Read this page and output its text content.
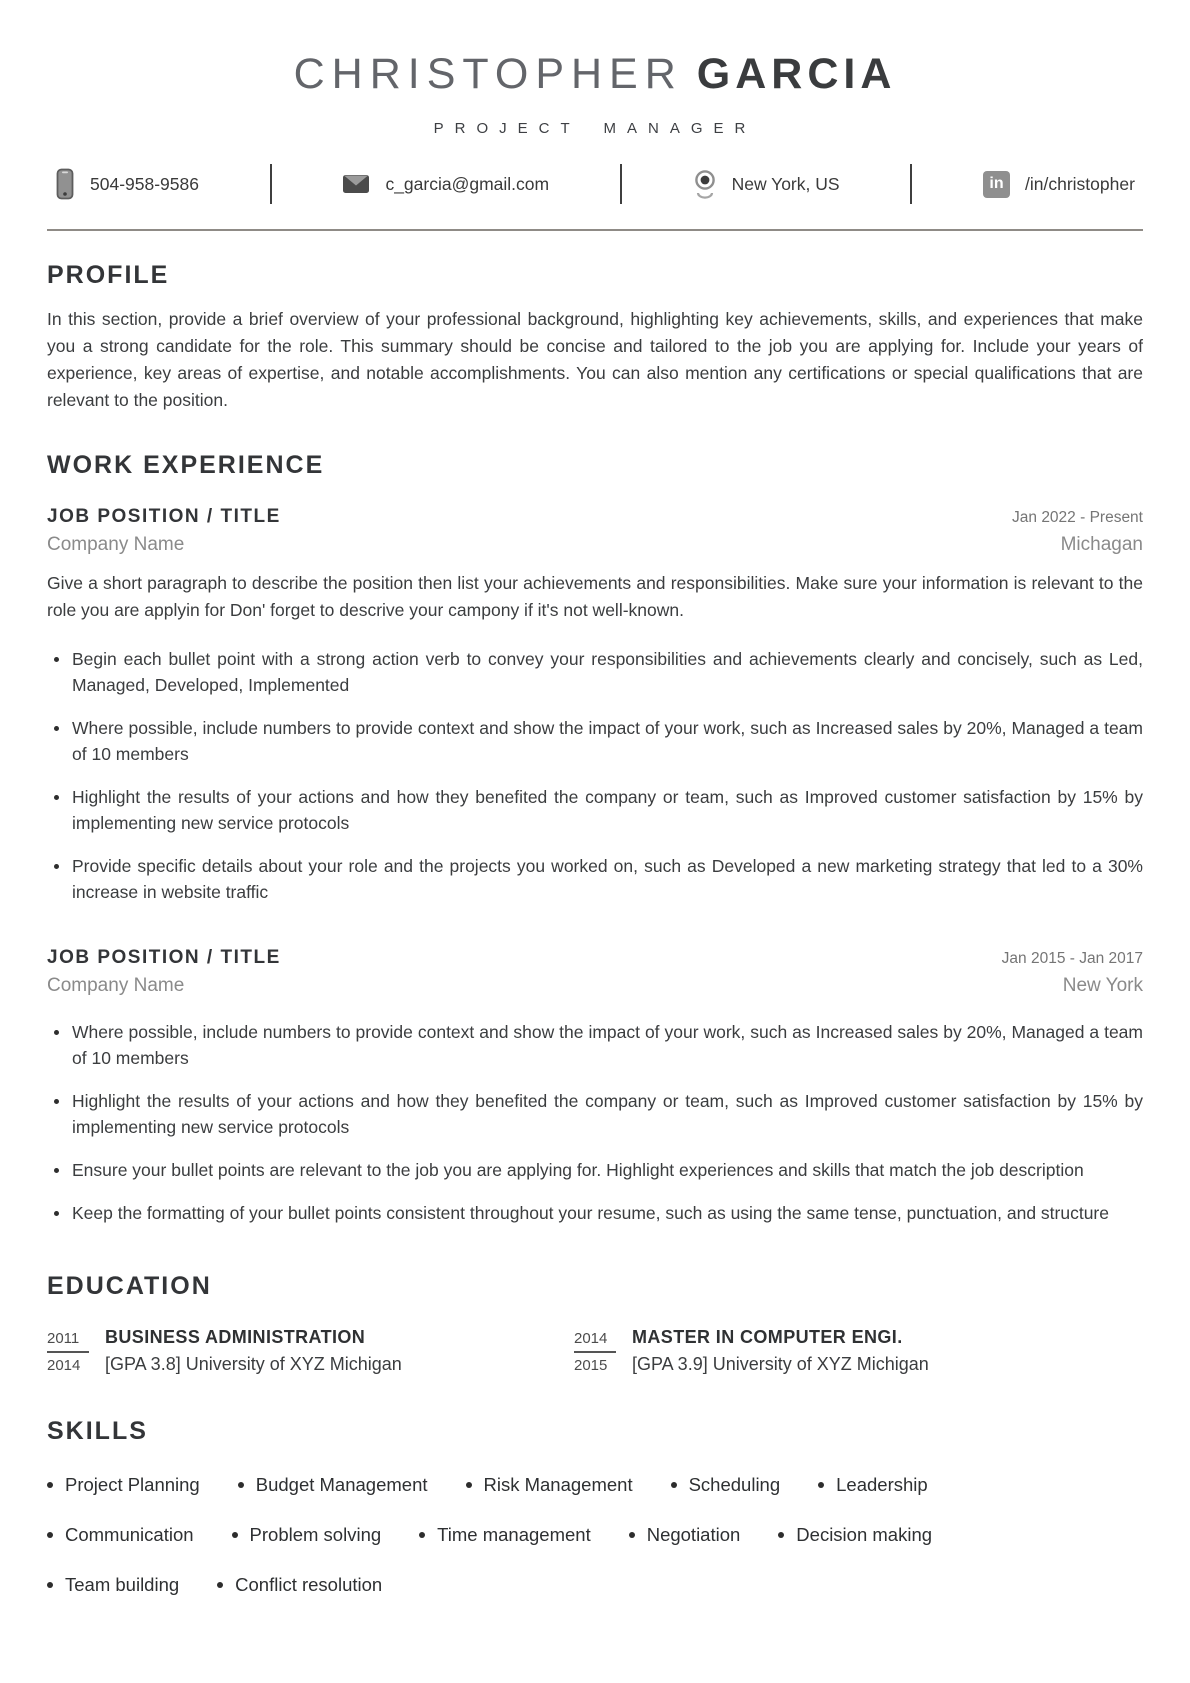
CHRISTOPHER GARCIA
PROJECT MANAGER
504-958-9586	c_garcia@gmail.com	New York, US	in	/in/christopher
PROFILE

In this section, provide a brief overview of your professional background, highlighting key achievements, skills, and experiences that make you a strong candidate for the role. This summary should be concise and tailored to the job you are applying for. Include your years of experience, key areas of expertise, and notable accomplishments. You can also mention any certifications or special qualifications that are relevant to the position.

WORK EXPERIENCE
JOB POSITION / TITLE	Jan 2022 - Present
Company Name	Michagan

Give a short paragraph to describe the position then list your achievements and responsibilities. Make sure your information is relevant to the role you are applyin for Don' forget to descrive your campony if it's not well-known.

Begin each bullet point with a strong action verb to convey your responsibilities and achievements clearly and concisely, such as Led, Managed, Developed, Implemented
Where possible, include numbers to provide context and show the impact of your work, such as Increased sales by 20%, Managed a team of 10 members
Highlight the results of your actions and how they benefited the company or team, such as Improved customer satisfaction by 15% by implementing new service protocols
Provide specific details about your role and the projects you worked on, such as Developed a new marketing strategy that led to a 30% increase in website traffic
JOB POSITION / TITLE	Jan 2015 - Jan 2017
Company Name	New York
Where possible, include numbers to provide context and show the impact of your work, such as Increased sales by 20%, Managed a team of 10 members
Highlight the results of your actions and how they benefited the company or team, such as Improved customer satisfaction by 15% by implementing new service protocols
Ensure your bullet points are relevant to the job you are applying for. Highlight experiences and skills that match the job description
Keep the formatting of your bullet points consistent throughout your resume, such as using the same tense, punctuation, and structure
EDUCATION
2011
2014
BUSINESS ADMINISTRATION
[GPA 3.8] University of XYZ Michigan
2014
2015
MASTER IN COMPUTER ENGI.
[GPA 3.9] University of XYZ Michigan
SKILLS
Project Planning	Budget Management	Risk Management	Scheduling	Leadership
Communication	Problem solving	Time management	Negotiation	Decision making
Team building	Conflict resolution
